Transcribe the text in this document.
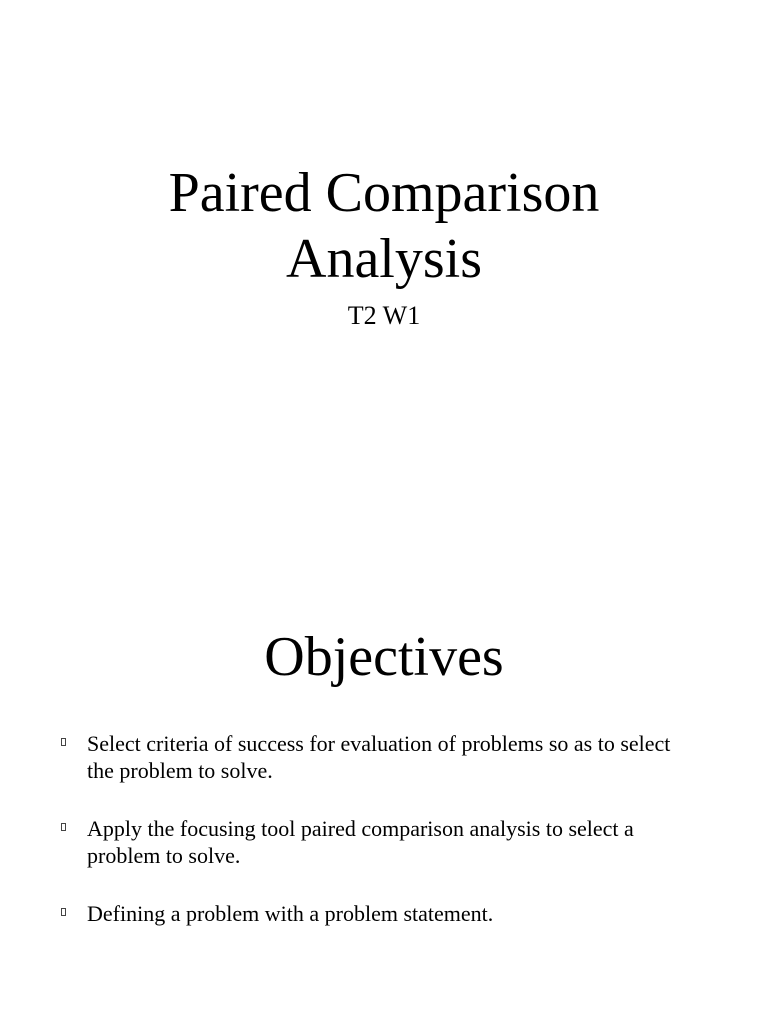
Paired Comparison
Analysis
T2 W1
Objectives
Select criteria of success for evaluation of problems so as to select the problem to solve.
Apply the focusing tool paired comparison analysis to select a problem to solve.
Defining a problem with a problem statement.
